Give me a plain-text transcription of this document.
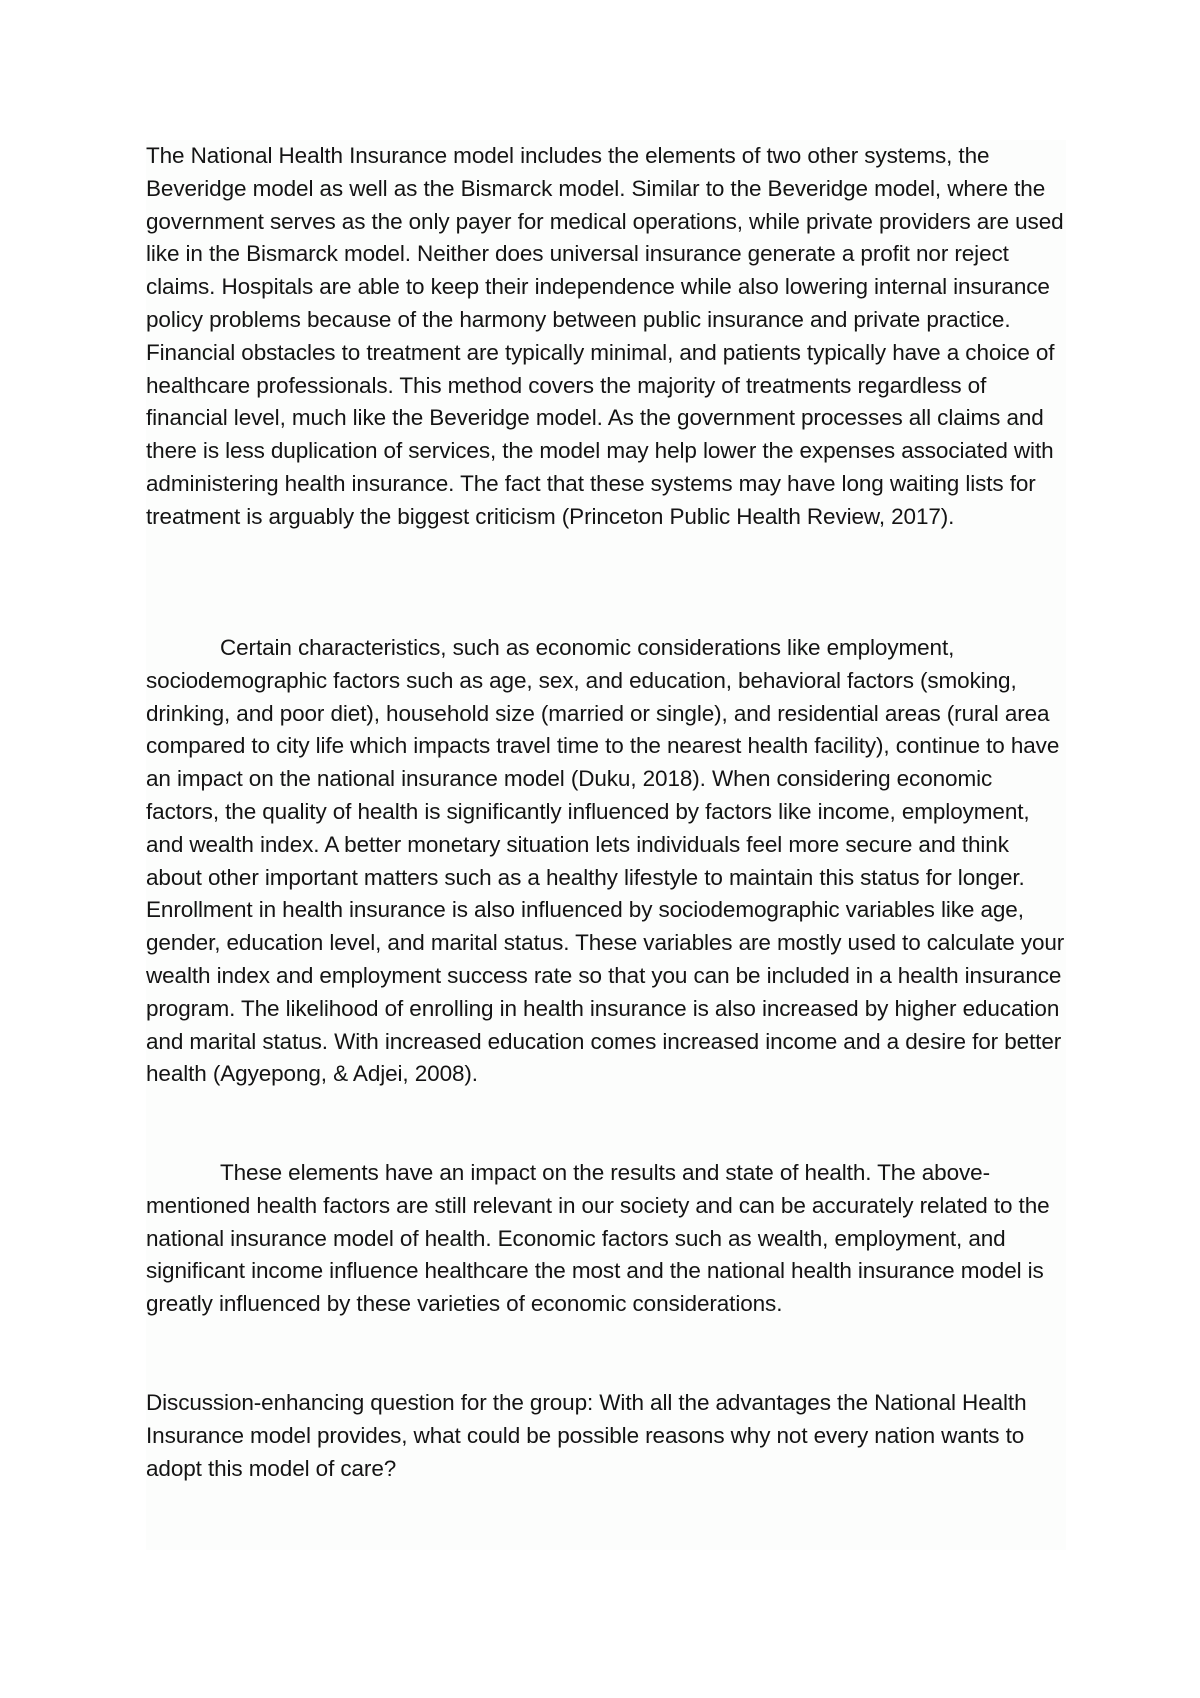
The National Health Insurance model includes the elements of two other systems, the Beveridge model as well as the Bismarck model. Similar to the Beveridge model, where the government serves as the only payer for medical operations, while private providers are used like in the Bismarck model. Neither does universal insurance generate a profit nor reject claims. Hospitals are able to keep their independence while also lowering internal insurance policy problems because of the harmony between public insurance and private practice. Financial obstacles to treatment are typically minimal, and patients typically have a choice of healthcare professionals. This method covers the majority of treatments regardless of financial level, much like the Beveridge model. As the government processes all claims and there is less duplication of services, the model may help lower the expenses associated with administering health insurance. The fact that these systems may have long waiting lists for treatment is arguably the biggest criticism (Princeton Public Health Review, 2017).

Certain characteristics, such as economic considerations like employment, sociodemographic factors such as age, sex, and education, behavioral factors (smoking, drinking, and poor diet), household size (married or single), and residential areas (rural area compared to city life which impacts travel time to the nearest health facility), continue to have an impact on the national insurance model (Duku, 2018). When considering economic factors, the quality of health is significantly influenced by factors like income, employment, and wealth index. A better monetary situation lets individuals feel more secure and think about other important matters such as a healthy lifestyle to maintain this status for longer. Enrollment in health insurance is also influenced by sociodemographic variables like age, gender, education level, and marital status. These variables are mostly used to calculate your wealth index and employment success rate so that you can be included in a health insurance program. The likelihood of enrolling in health insurance is also increased by higher education and marital status. With increased education comes increased income and a desire for better health (Agyepong, & Adjei, 2008).

These elements have an impact on the results and state of health. The above-mentioned health factors are still relevant in our society and can be accurately related to the national insurance model of health. Economic factors such as wealth, employment, and significant income influence healthcare the most and the national health insurance model is greatly influenced by these varieties of economic considerations.

Discussion-enhancing question for the group: With all the advantages the National Health Insurance model provides, what could be possible reasons why not every nation wants to adopt this model of care?
